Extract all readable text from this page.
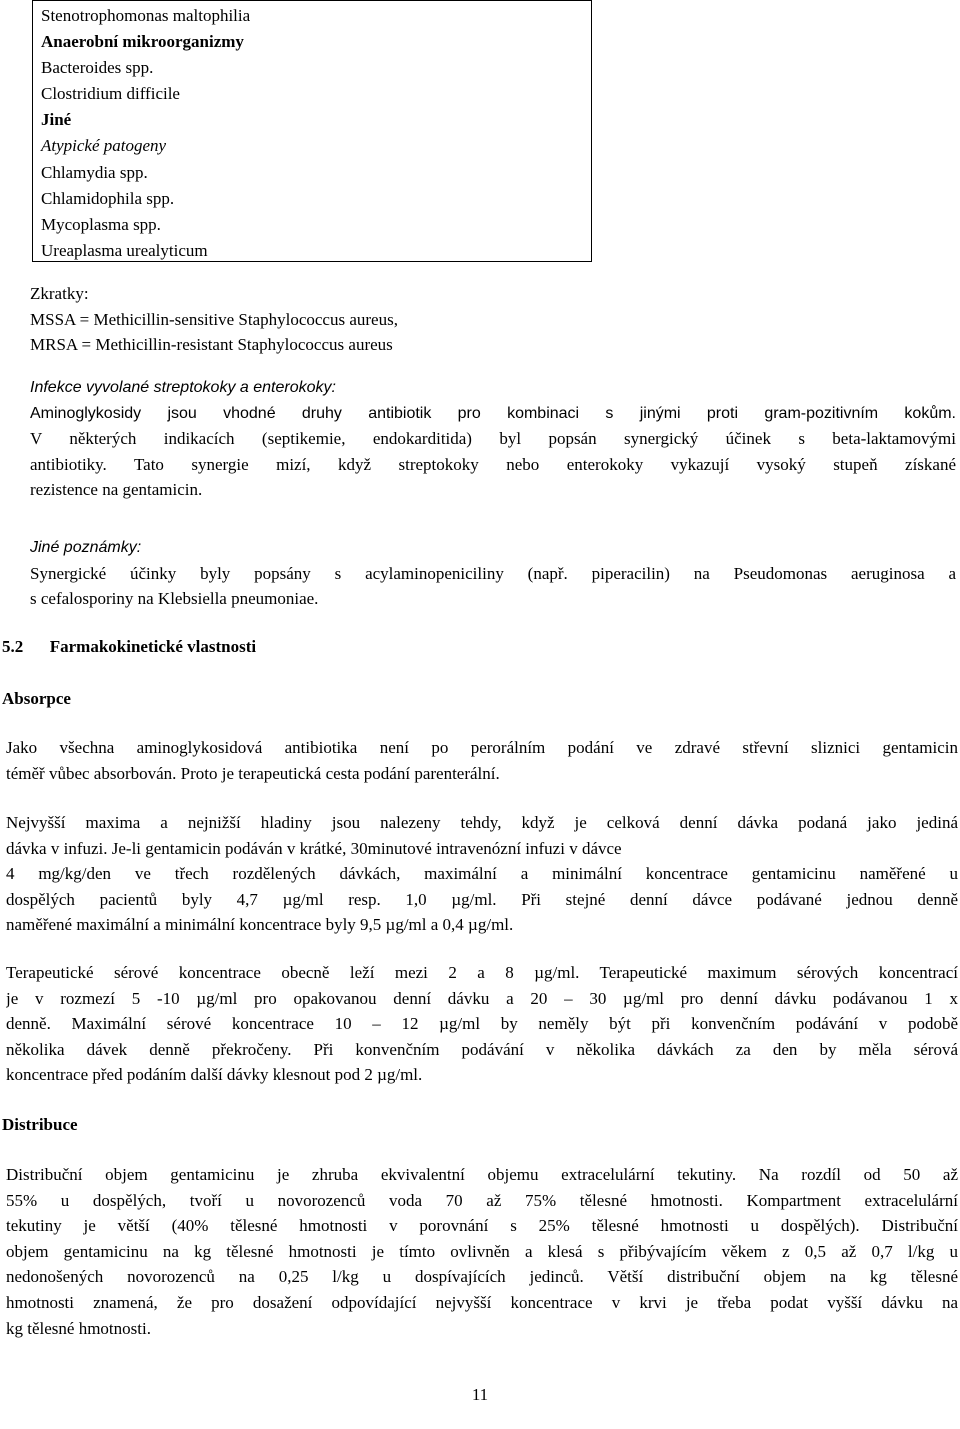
Stenotrophomonas maltophilia
Anaerobní mikroorganizmy
Bacteroides spp.
Clostridium difficile
Jiné
Atypické patogeny
Chlamydia spp.
Chlamidophila spp.
Mycoplasma spp.
Ureaplasma urealyticum
Zkratky:
MSSA = Methicillin-sensitive Staphylococcus aureus,
MRSA = Methicillin-resistant Staphylococcus aureus
Infekce vyvolané streptokoky a enterokoky:
Aminoglykosidy jsou vhodné druhy antibiotik pro kombinaci s jinými proti gram-pozitivním kokům.
V některých indikacích (septikemie, endokarditida) byl popsán synergický účinek s beta-laktamovými
antibiotiky. Tato synergie mizí, když streptokoky nebo enterokoky vykazují vysoký stupeň získané
rezistence na gentamicin.
Jiné poznámky:
Synergické účinky byly popsány s acylaminopeniciliny (např. piperacilin) na Pseudomonas aeruginosa a
s cefalosporiny na Klebsiella pneumoniae.
5.2 Farmakokinetické vlastnosti
Absorpce
Jako všechna aminoglykosidová antibiotika není po perorálním podání ve zdravé střevní sliznici gentamicin
téměř vůbec absorbován. Proto je terapeutická cesta podání parenterální.
Nejvyšší maxima a nejnižší hladiny jsou nalezeny tehdy, když je celková denní dávka podaná jako jediná
dávka v infuzi. Je-li gentamicin podáván v krátké, 30minutové intravenózní infuzi v dávce
4 mg/kg/den ve třech rozdělených dávkách, maximální a minimální koncentrace gentamicinu naměřené u
dospělých pacientů byly 4,7 µg/ml resp. 1,0 µg/ml. Při stejné denní dávce podávané jednou denně
naměřené maximální a minimální koncentrace byly 9,5 µg/ml a 0,4 µg/ml.
Terapeutické sérové koncentrace obecně leží mezi 2 a 8 µg/ml. Terapeutické maximum sérových koncentrací
je v rozmezí 5 -10 µg/ml pro opakovanou denní dávku a 20 – 30 µg/ml pro denní dávku podávanou 1 x
denně. Maximální sérové koncentrace 10 – 12 µg/ml by neměly být při konvenčním podávání v podobě
několika dávek denně překročeny. Při konvenčním podávání v několika dávkách za den by měla sérová
koncentrace před podáním další dávky klesnout pod 2 µg/ml.
Distribuce
Distribuční objem gentamicinu je zhruba ekvivalentní objemu extracelulární tekutiny. Na rozdíl od 50 až
55% u dospělých, tvoří u novorozenců voda 70 až 75% tělesné hmotnosti. Kompartment extracelulární
tekutiny je větší (40% tělesné hmotnosti v porovnání s 25% tělesné hmotnosti u dospělých). Distribuční
objem gentamicinu na kg tělesné hmotnosti je tímto ovlivněn a klesá s přibývajícím věkem z 0,5 až 0,7 l/kg u
nedonošených novorozenců na 0,25 l/kg u dospívajících jedinců. Větší distribuční objem na kg tělesné
hmotnosti znamená, že pro dosažení odpovídající nejvyšší koncentrace v krvi je třeba podat vyšší dávku na
kg tělesné hmotnosti.
11
